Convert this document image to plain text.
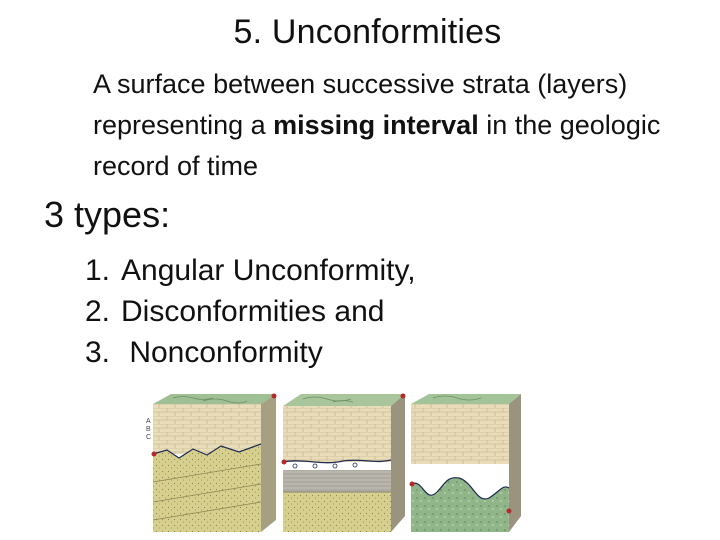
5. Unconformities
A surface between successive strata (layers) representing a missing interval in the geologic record of time
3 types:
1. Angular Unconformity,
2. Disconformities and
3. Nonconformity
A
B
C
